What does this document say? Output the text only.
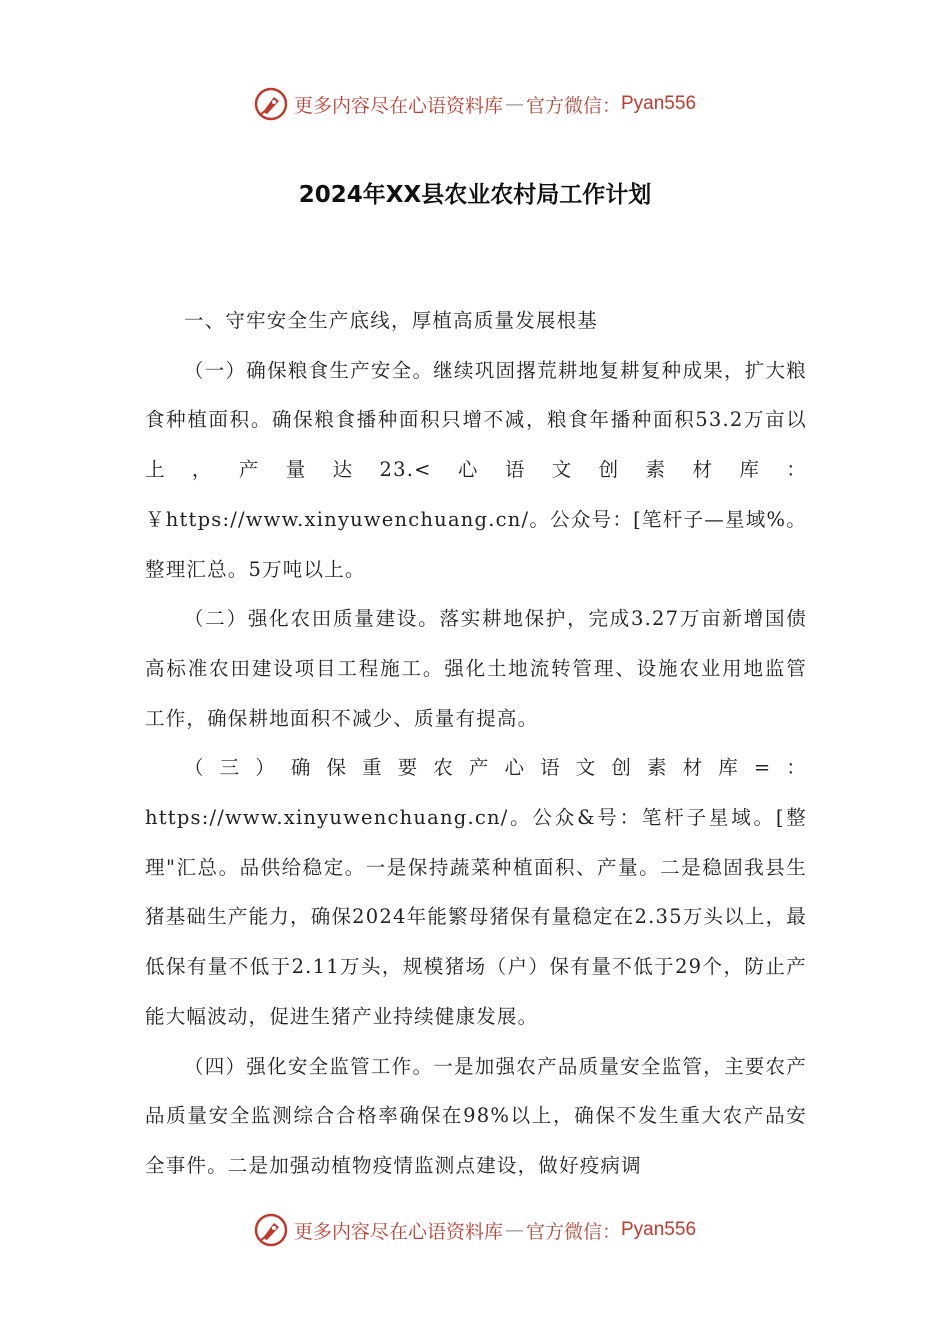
更多内容尽在心语资料库 — 官方微信： Pyan556
2024年XX县农业农村局工作计划

一、守牢安全生产底线，厚植高质量发展根基

（一）确保粮食生产安全。继续巩固撂荒耕地复耕复种成果，扩大粮食种植面积。确保粮食播种面积只增不减，粮食年播种面积53.2万亩以上，产量达23.<心语文创素材库：￥https://www.xinyuwenchuang.cn/。公众号：[笔杆子—星域%。整理汇总。5万吨以上。

（二）强化农田质量建设。落实耕地保护，完成3.27万亩新增国债高标准农田建设项目工程施工。强化土地流转管理、设施农业用地监管工作，确保耕地面积不减少、质量有提高。

（三）确保重要农产心语文创素材库=：https://www.xinyuwenchuang.cn/。公众&号：笔杆子星域。[整理"汇总。品供给稳定。一是保持蔬菜种植面积、产量。二是稳固我县生猪基础生产能力，确保2024年能繁母猪保有量稳定在2.35万头以上，最低保有量不低于2.11万头，规模猪场（户）保有量不低于29个，防止产能大幅波动，促进生猪产业持续健康发展。

（四）强化安全监管工作。一是加强农产品质量安全监管，主要农产品质量安全监测综合合格率确保在98%以上，确保不发生重大农产品安全事件。二是加强动植物疫情监测点建设，做好疫病调

更多内容尽在心语资料库 — 官方微信： Pyan556
